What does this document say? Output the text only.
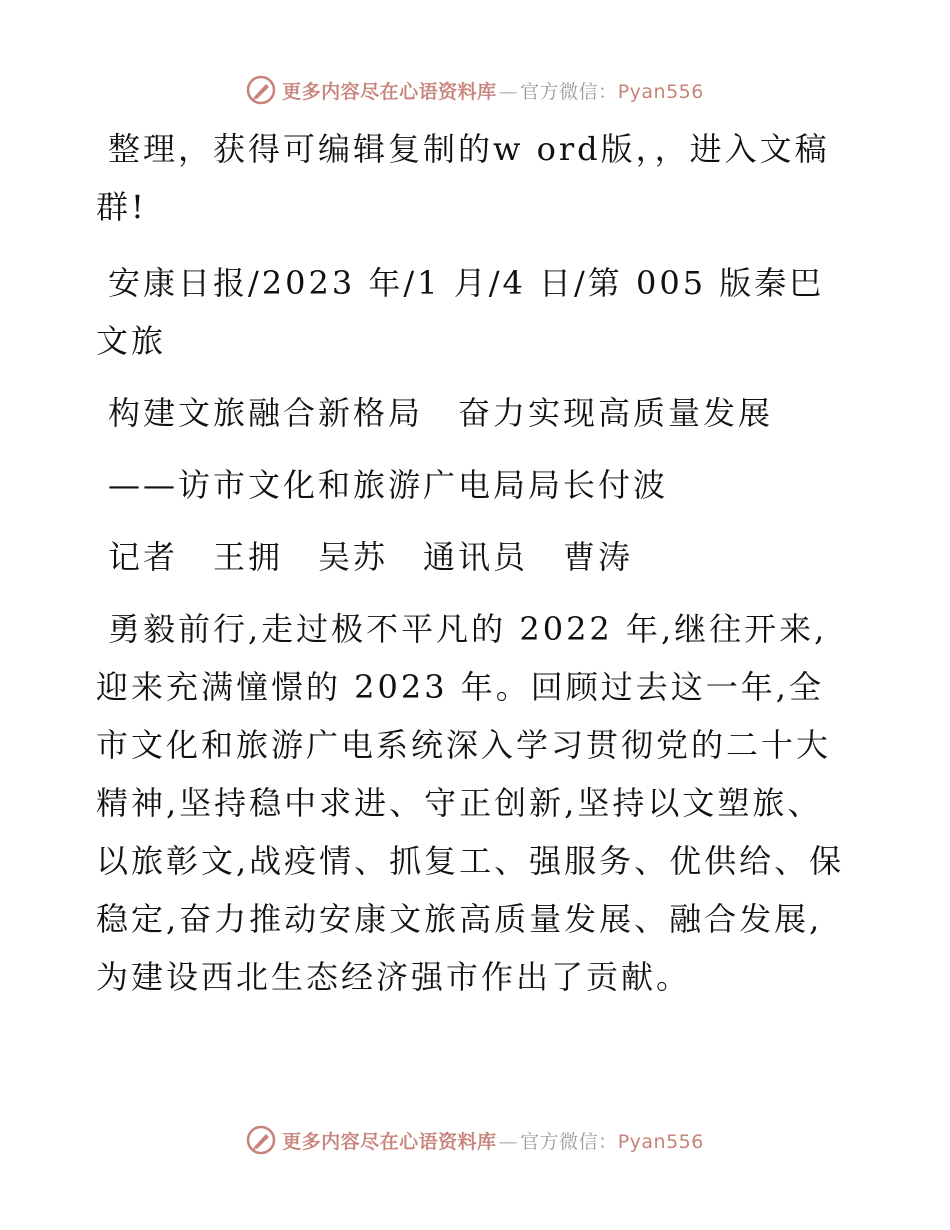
更多内容尽在心语资料库 — 官方微信：Pyan556

整理，获得可编辑复制的w ord版，，进入文稿群!

安康日报/2023 年/1 月/4 日/第 005 版秦巴文旅

构建文旅融合新格局　奋力实现高质量发展

——访市文化和旅游广电局局长付波

记者　王拥　吴苏　通讯员　曹涛

勇毅前行,走过极不平凡的 2022 年,继往开来,迎来充满憧憬的 2023 年。回顾过去这一年,全市文化和旅游广电系统深入学习贯彻党的二十大精神,坚持稳中求进、守正创新,坚持以文塑旅、以旅彰文,战疫情、抓复工、强服务、优供给、保稳定,奋力推动安康文旅高质量发展、融合发展,为建设西北生态经济强市作出了贡献。

更多内容尽在心语资料库 — 官方微信：Pyan556
